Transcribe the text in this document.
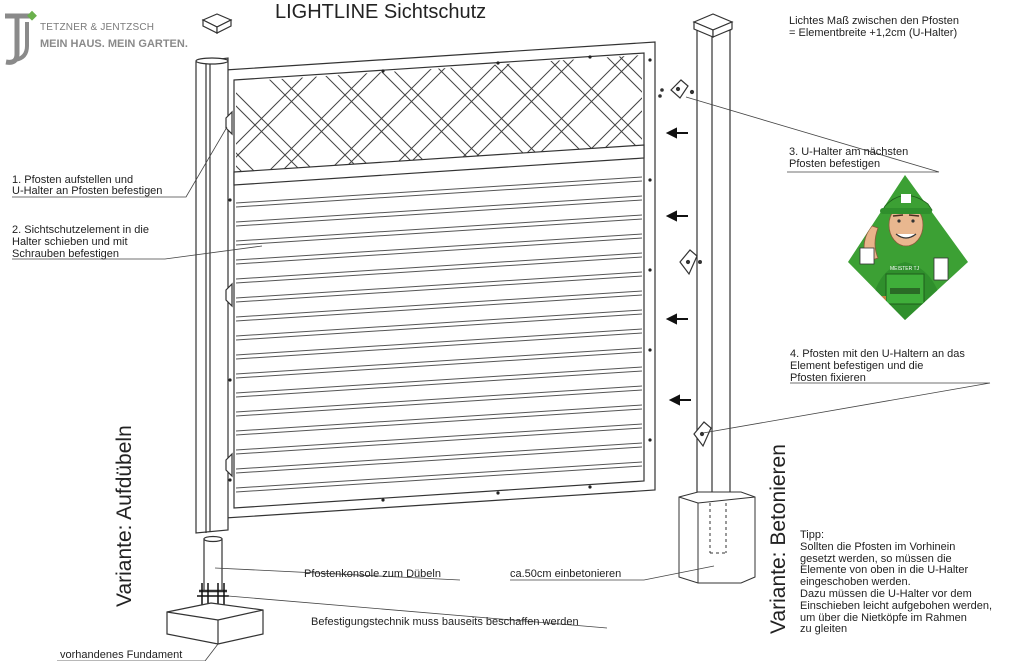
TETZNER & JENTZSCH
MEIN HAUS. MEIN GARTEN.
LIGHTLINE Sichtschutz	Lichtes Maß zwischen den Pfosten
= Elementbreite +1,2cm (U-Halter)
1. Pfosten aufstellen und
U-Halter an Pfosten befestigen
2. Sichtschutzelement in die
Halter schieben und mit
Schrauben befestigen
3. U-Halter am nächsten
Pfosten befestigen
4. Pfosten mit den U-Haltern an das
Element befestigen und die
Pfosten fixieren
Variante: Aufdübeln	Variante: Betonieren
Pfostenkonsole zum Dübeln
Befestigungstechnik muss bauseits beschaffen werden
vorhandenes Fundament
ca.50cm einbetonieren
Tipp:
Sollten die Pfosten im Vorhinein
gesetzt werden, so müssen die
Elemente von oben in die U-Halter
eingeschoben werden.
Dazu müssen die U-Halter vor dem
Einschieben leicht aufgebohen werden,
um über die Nietköpfe im Rahmen
zu gleiten
MEISTER TJ
